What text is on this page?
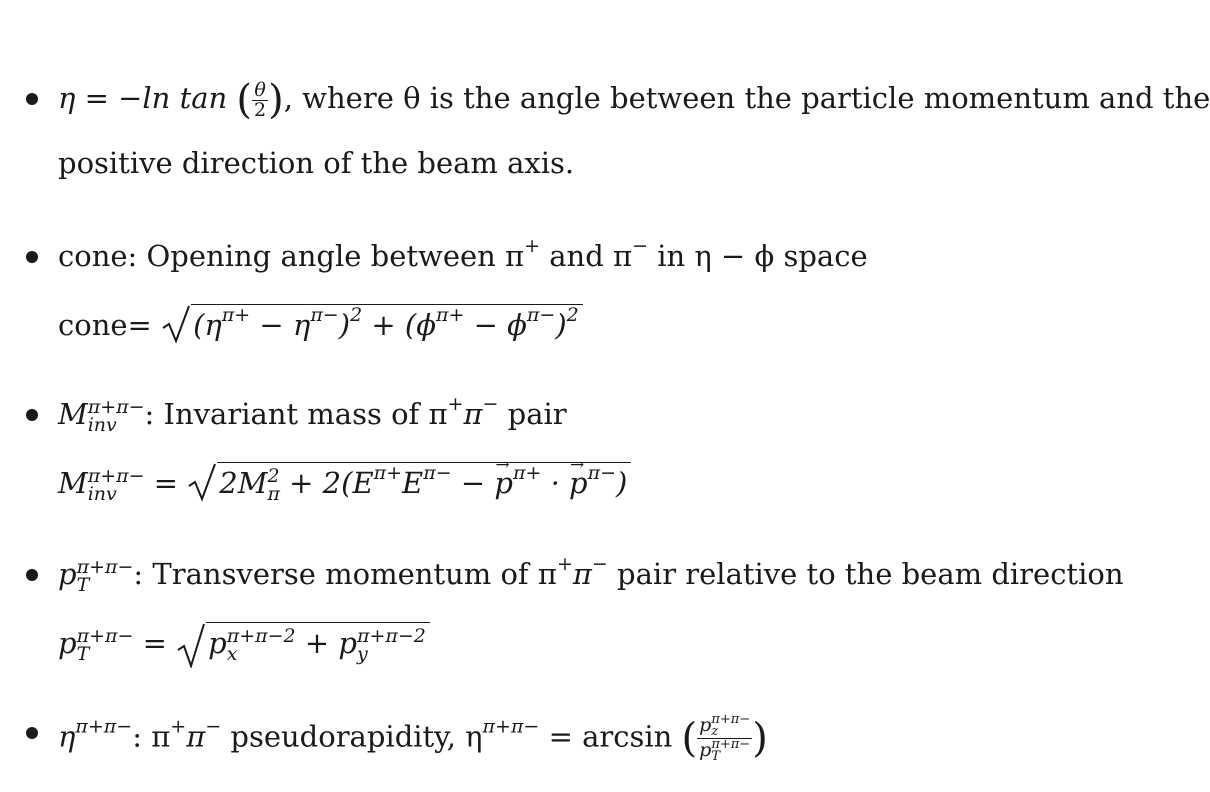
η = −ln tan ( $\frac{\theta}{2}$ ), where θ is the angle between the particle momentum and the
positive direction of the beam axis.
cone: Opening angle between π+ and π− in η − ϕ space
cone=
$(\eta^{\pi+} - \eta^{\pi-})^2 + (\phi^{\pi+} - \phi^{\pi-})^2$
M π+π−
inv : Invariant mass of π+π− pair
M π+π−
inv =
2M 2
$\pi + 2(E^{\pi+}E^{\pi-}$ − → $p^{\pi+}$ · → $p^{\pi-}$)
p π+π−
T	: Transverse momentum of π+π− pair relative to the beam direction
p π+π−
T	=
p π+π−2
x	+ p π+π−2
y
$\eta^{\pi+\pi-}$: π+π− pseudorapidity, $\eta^{\pi+\pi-} = \arcsin$ ( p π+π−
z
p π+π−
T )
